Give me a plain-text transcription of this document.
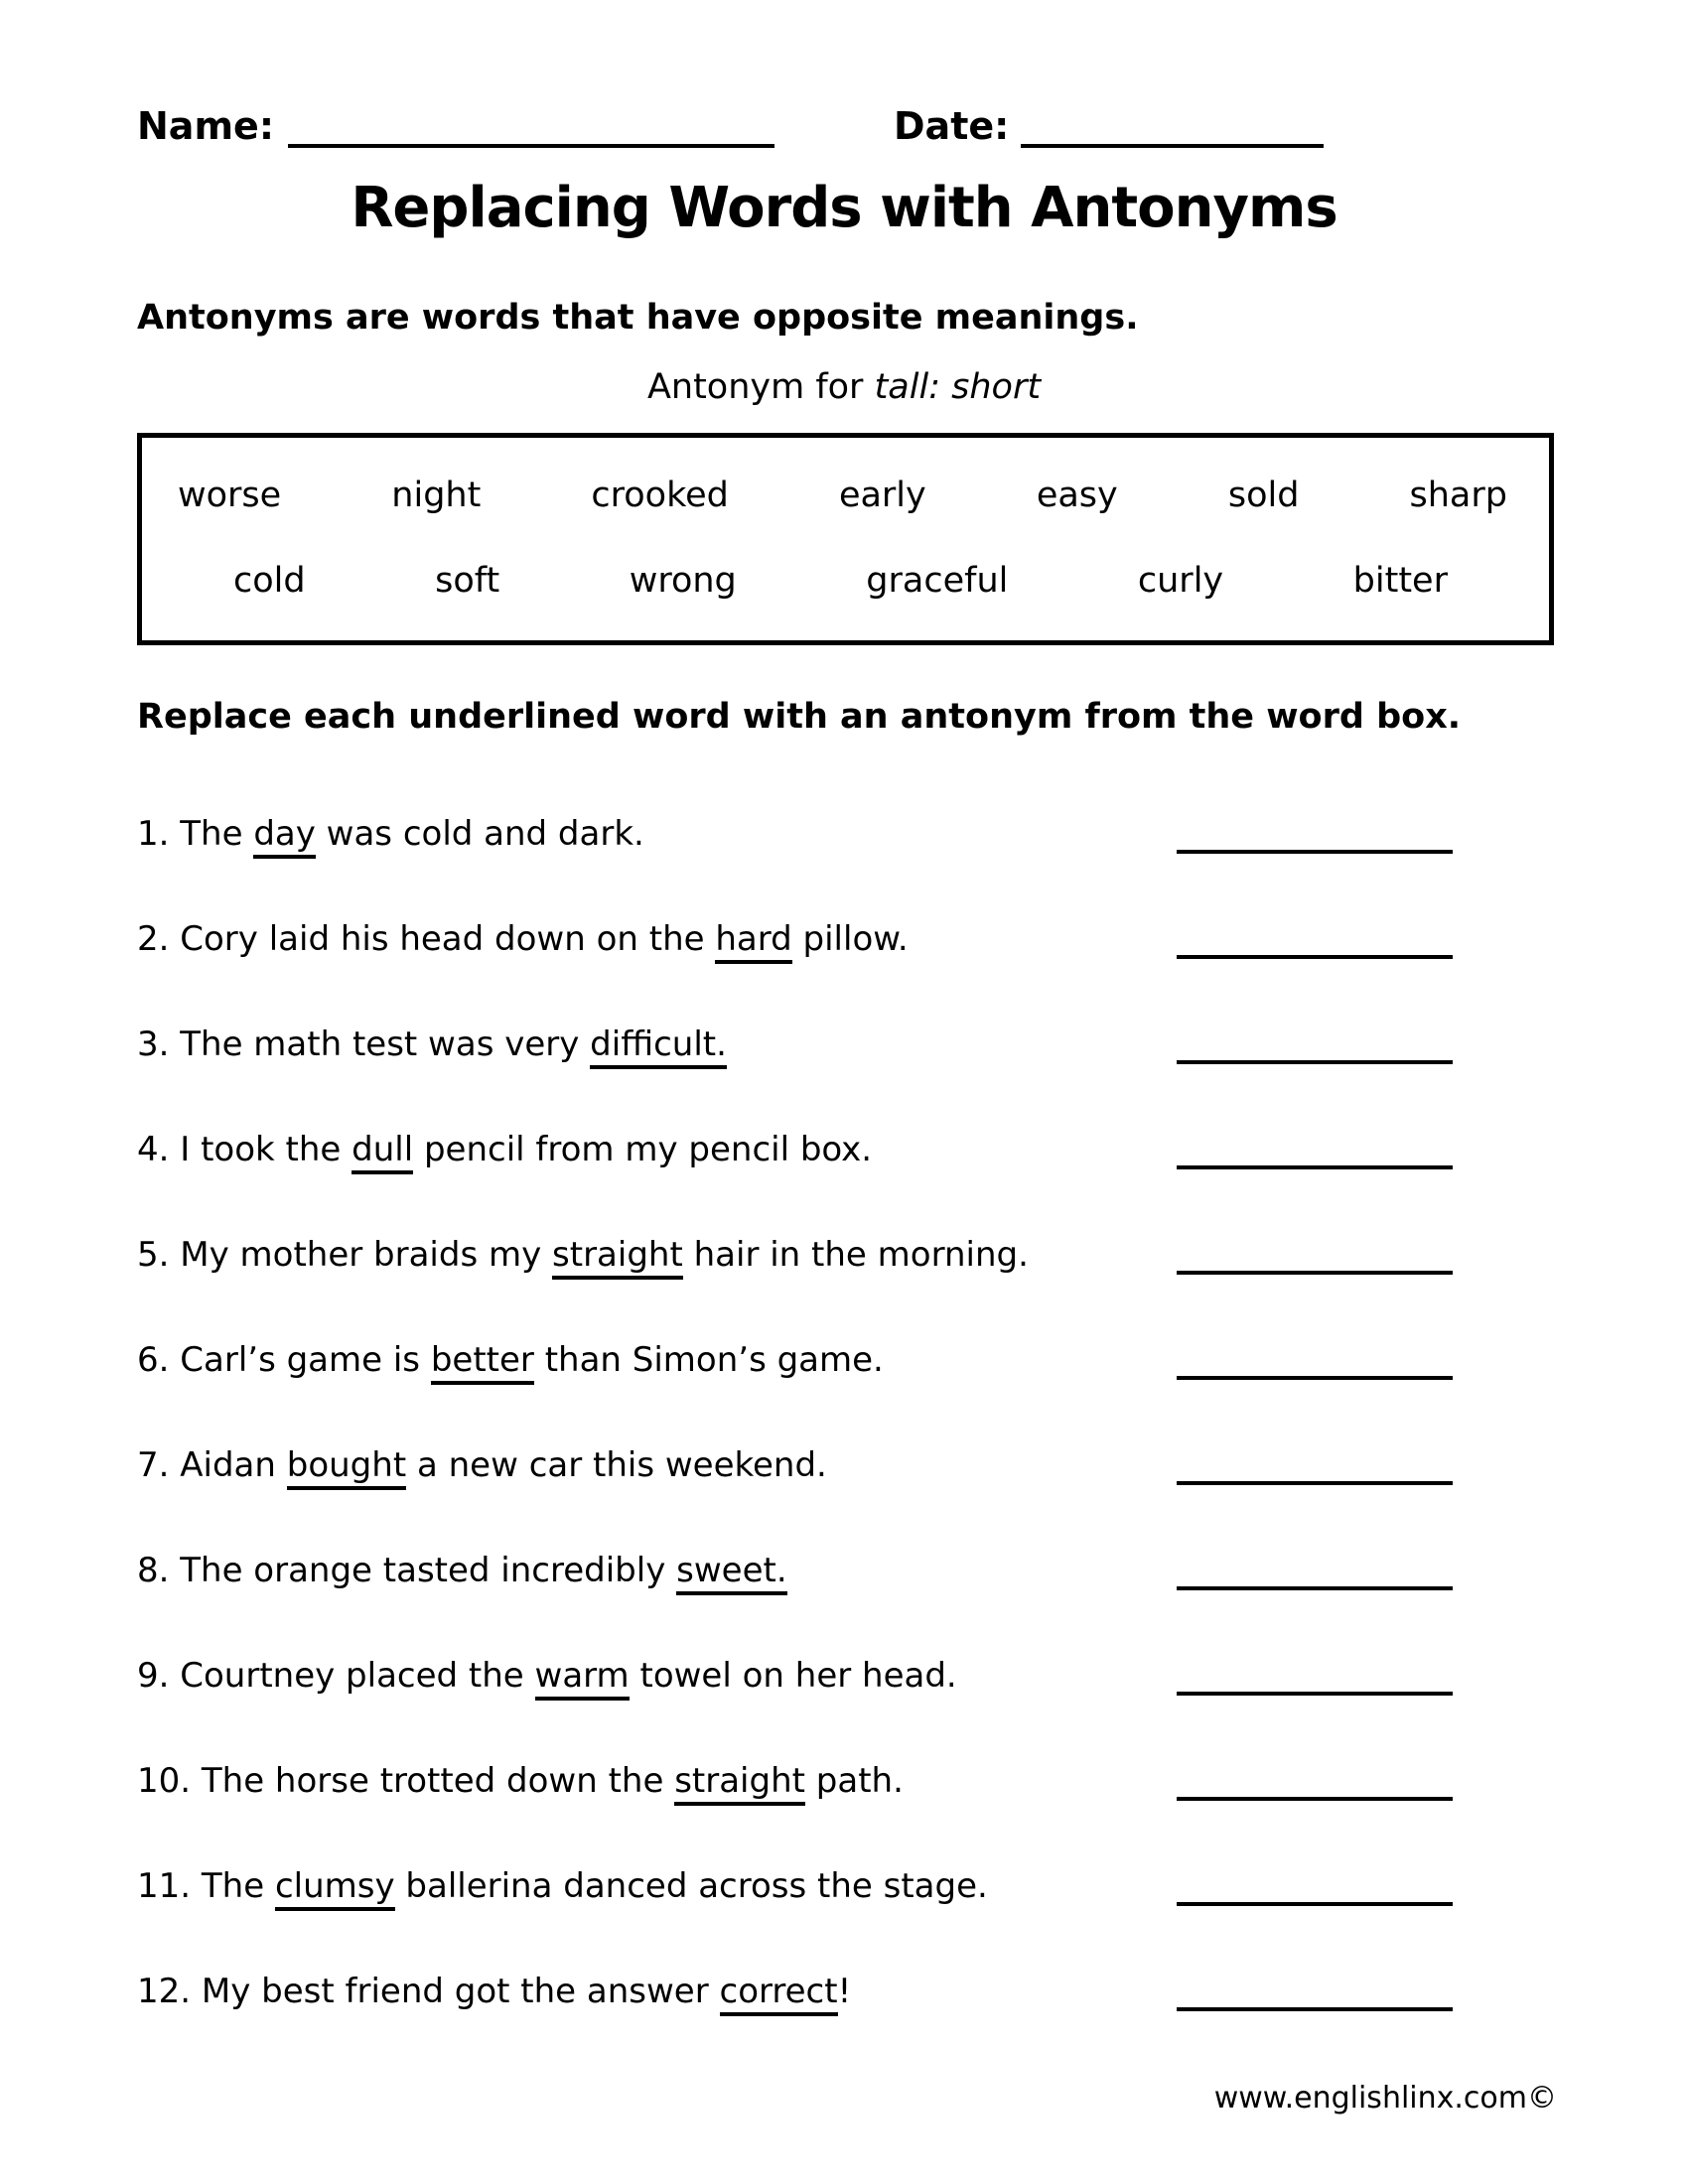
Name:	Date:
Replacing Words with Antonyms
Antonyms are words that have opposite meanings.
Antonym for tall: short
worse	night	crooked	early	easy	sold	sharp
cold	soft	wrong	graceful	curly	bitter
Replace each underlined word with an antonym from the word box.
1. The day was cold and dark.
2. Cory laid his head down on the hard pillow.
3. The math test was very difficult.
4. I took the dull pencil from my pencil box.
5. My mother braids my straight hair in the morning.
6. Carl’s game is better than Simon’s game.
7. Aidan bought a new car this weekend.
8. The orange tasted incredibly sweet.
9. Courtney placed the warm towel on her head.
10. The horse trotted down the straight path.
11. The clumsy ballerina danced across the stage.
12. My best friend got the answer correct!
www.englishlinx.com©
